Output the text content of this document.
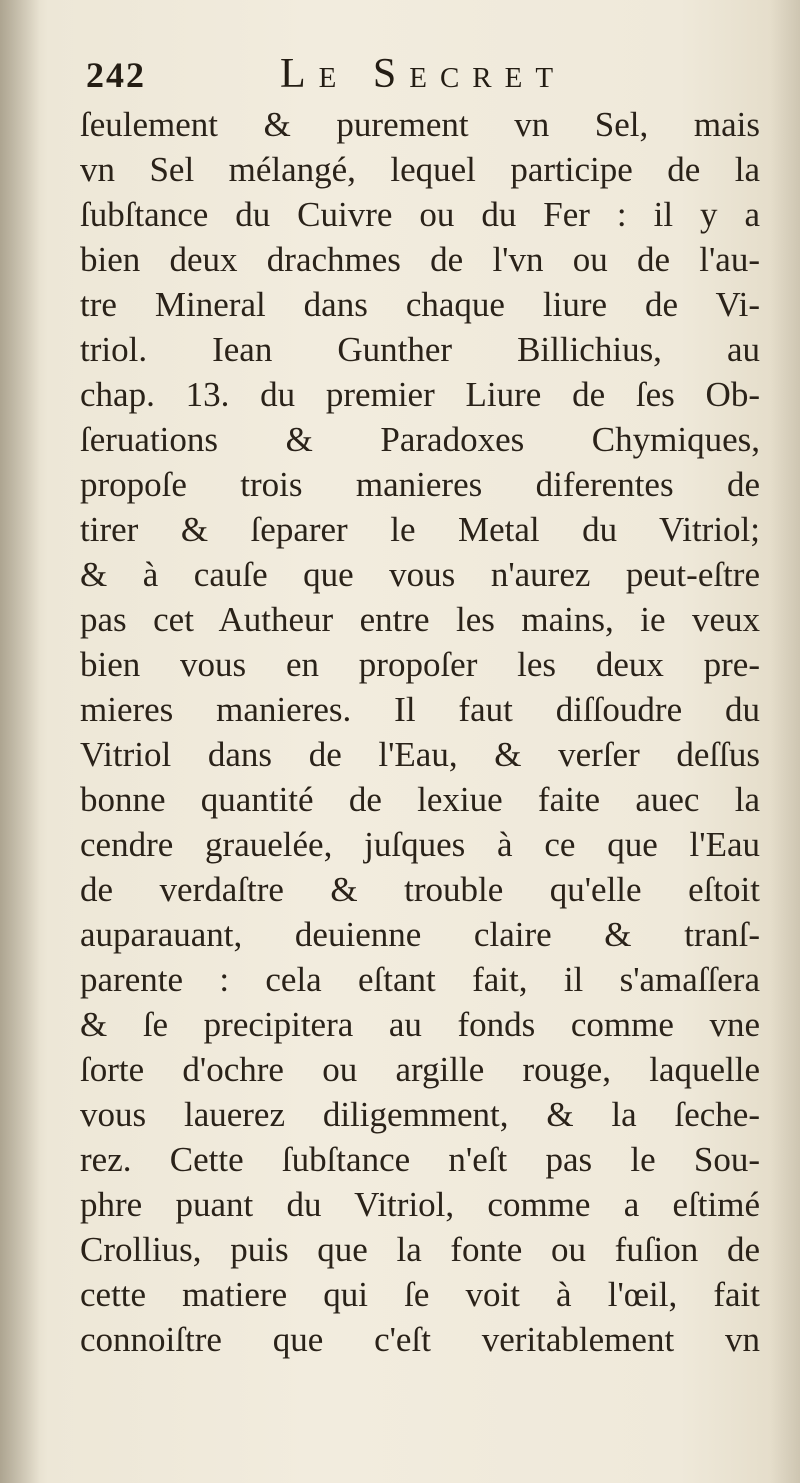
242	Le Secret
ſeulement & purement vn Sel, mais
vn Sel mélangé, lequel participe de la
ſubſtance du Cuivre ou du Fer : il y a
bien deux drachmes de l'vn ou de l'au-
tre Mineral dans chaque liure de Vi-
triol. Iean Gunther Billichius, au
chap. 13. du premier Liure de ſes Ob-
ſeruations & Paradoxes Chymiques,
propoſe trois manieres diferentes de
tirer & ſeparer le Metal du Vitriol;
& à cauſe que vous n'aurez peut-eſtre
pas cet Autheur entre les mains, ie veux
bien vous en propoſer les deux pre-
mieres manieres. Il faut diſſoudre du
Vitriol dans de l'Eau, & verſer deſſus
bonne quantité de lexiue faite auec la
cendre grauelée, juſques à ce que l'Eau
de verdaſtre & trouble qu'elle eſtoit
auparauant, deuienne claire & tranſ-
parente : cela eſtant fait, il s'amaſſera
& ſe precipitera au fonds comme vne
ſorte d'ochre ou argille rouge, laquelle
vous lauerez diligemment, & la ſeche-
rez. Cette ſubſtance n'eſt pas le Sou-
phre puant du Vitriol, comme a eſtimé
Crollius, puis que la fonte ou fuſion de
cette matiere qui ſe voit à l'œil, fait
connoiſtre que c'eſt veritablement vn
